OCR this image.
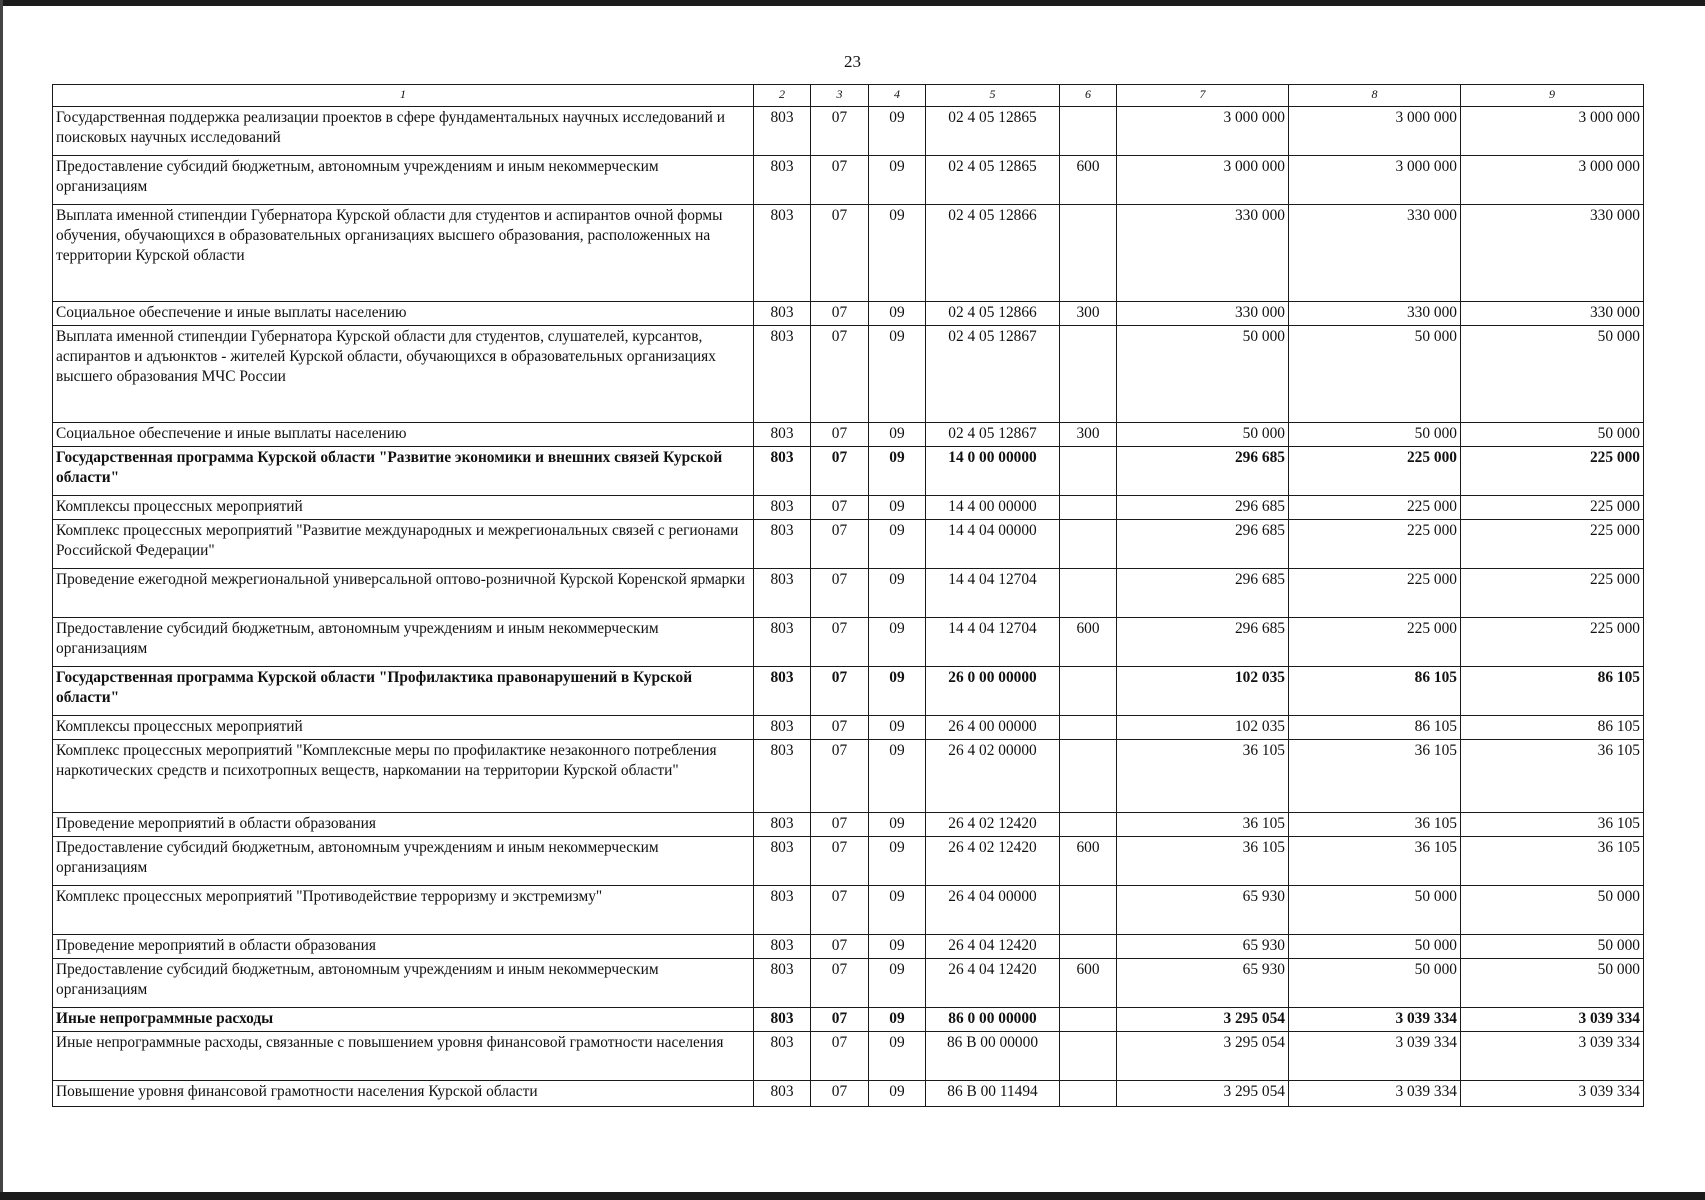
23
1	2	3	4	5	6	7	8	9
Государственная поддержка реализации проектов в сфере фундаментальных научных исследований и поисковых научных исследований	803	07	09	02 4 05 12865		3 000 000	3 000 000	3 000 000
Предоставление субсидий бюджетным, автономным учреждениям и иным некоммерческим организациям	803	07	09	02 4 05 12865	600	3 000 000	3 000 000	3 000 000
Выплата именной стипендии Губернатора Курской области для студентов и аспирантов очной формы обучения, обучающихся в образовательных организациях высшего образования, расположенных на территории Курской области	803	07	09	02 4 05 12866		330 000	330 000	330 000
Социальное обеспечение и иные выплаты населению	803	07	09	02 4 05 12866	300	330 000	330 000	330 000
Выплата именной стипендии Губернатора Курской области для студентов, слушателей, курсантов, аспирантов и адъюнктов - жителей Курской области, обучающихся в образовательных организациях высшего образования МЧС России	803	07	09	02 4 05 12867		50 000	50 000	50 000
Социальное обеспечение и иные выплаты населению	803	07	09	02 4 05 12867	300	50 000	50 000	50 000
Государственная программа Курской области "Развитие экономики и внешних связей Курской области"	803	07	09	14 0 00 00000		296 685	225 000	225 000
Комплексы процессных мероприятий	803	07	09	14 4 00 00000		296 685	225 000	225 000
Комплекс процессных мероприятий "Развитие международных и межрегиональных связей с регионами Российской Федерации"	803	07	09	14 4 04 00000		296 685	225 000	225 000
Проведение ежегодной межрегиональной универсальной оптово-розничной Курской Коренской ярмарки	803	07	09	14 4 04 12704		296 685	225 000	225 000
Предоставление субсидий бюджетным, автономным учреждениям и иным некоммерческим организациям	803	07	09	14 4 04 12704	600	296 685	225 000	225 000
Государственная программа Курской области "Профилактика правонарушений в Курской области"	803	07	09	26 0 00 00000		102 035	86 105	86 105
Комплексы процессных мероприятий	803	07	09	26 4 00 00000		102 035	86 105	86 105
Комплекс процессных мероприятий "Комплексные меры по профилактике незаконного потребления наркотических средств и психотропных веществ, наркомании на территории Курской области"	803	07	09	26 4 02 00000		36 105	36 105	36 105
Проведение мероприятий в области образования	803	07	09	26 4 02 12420		36 105	36 105	36 105
Предоставление субсидий бюджетным, автономным учреждениям и иным некоммерческим организациям	803	07	09	26 4 02 12420	600	36 105	36 105	36 105
Комплекс процессных мероприятий "Противодействие терроризму и экстремизму"	803	07	09	26 4 04 00000		65 930	50 000	50 000
Проведение мероприятий в области образования	803	07	09	26 4 04 12420		65 930	50 000	50 000
Предоставление субсидий бюджетным, автономным учреждениям и иным некоммерческим организациям	803	07	09	26 4 04 12420	600	65 930	50 000	50 000
Иные непрограммные расходы	803	07	09	86 0 00 00000		3 295 054	3 039 334	3 039 334
Иные непрограммные расходы, связанные с повышением уровня финансовой грамотности населения	803	07	09	86 В 00 00000		3 295 054	3 039 334	3 039 334
Повышение уровня финансовой грамотности населения Курской области	803	07	09	86 В 00 11494		3 295 054	3 039 334	3 039 334
